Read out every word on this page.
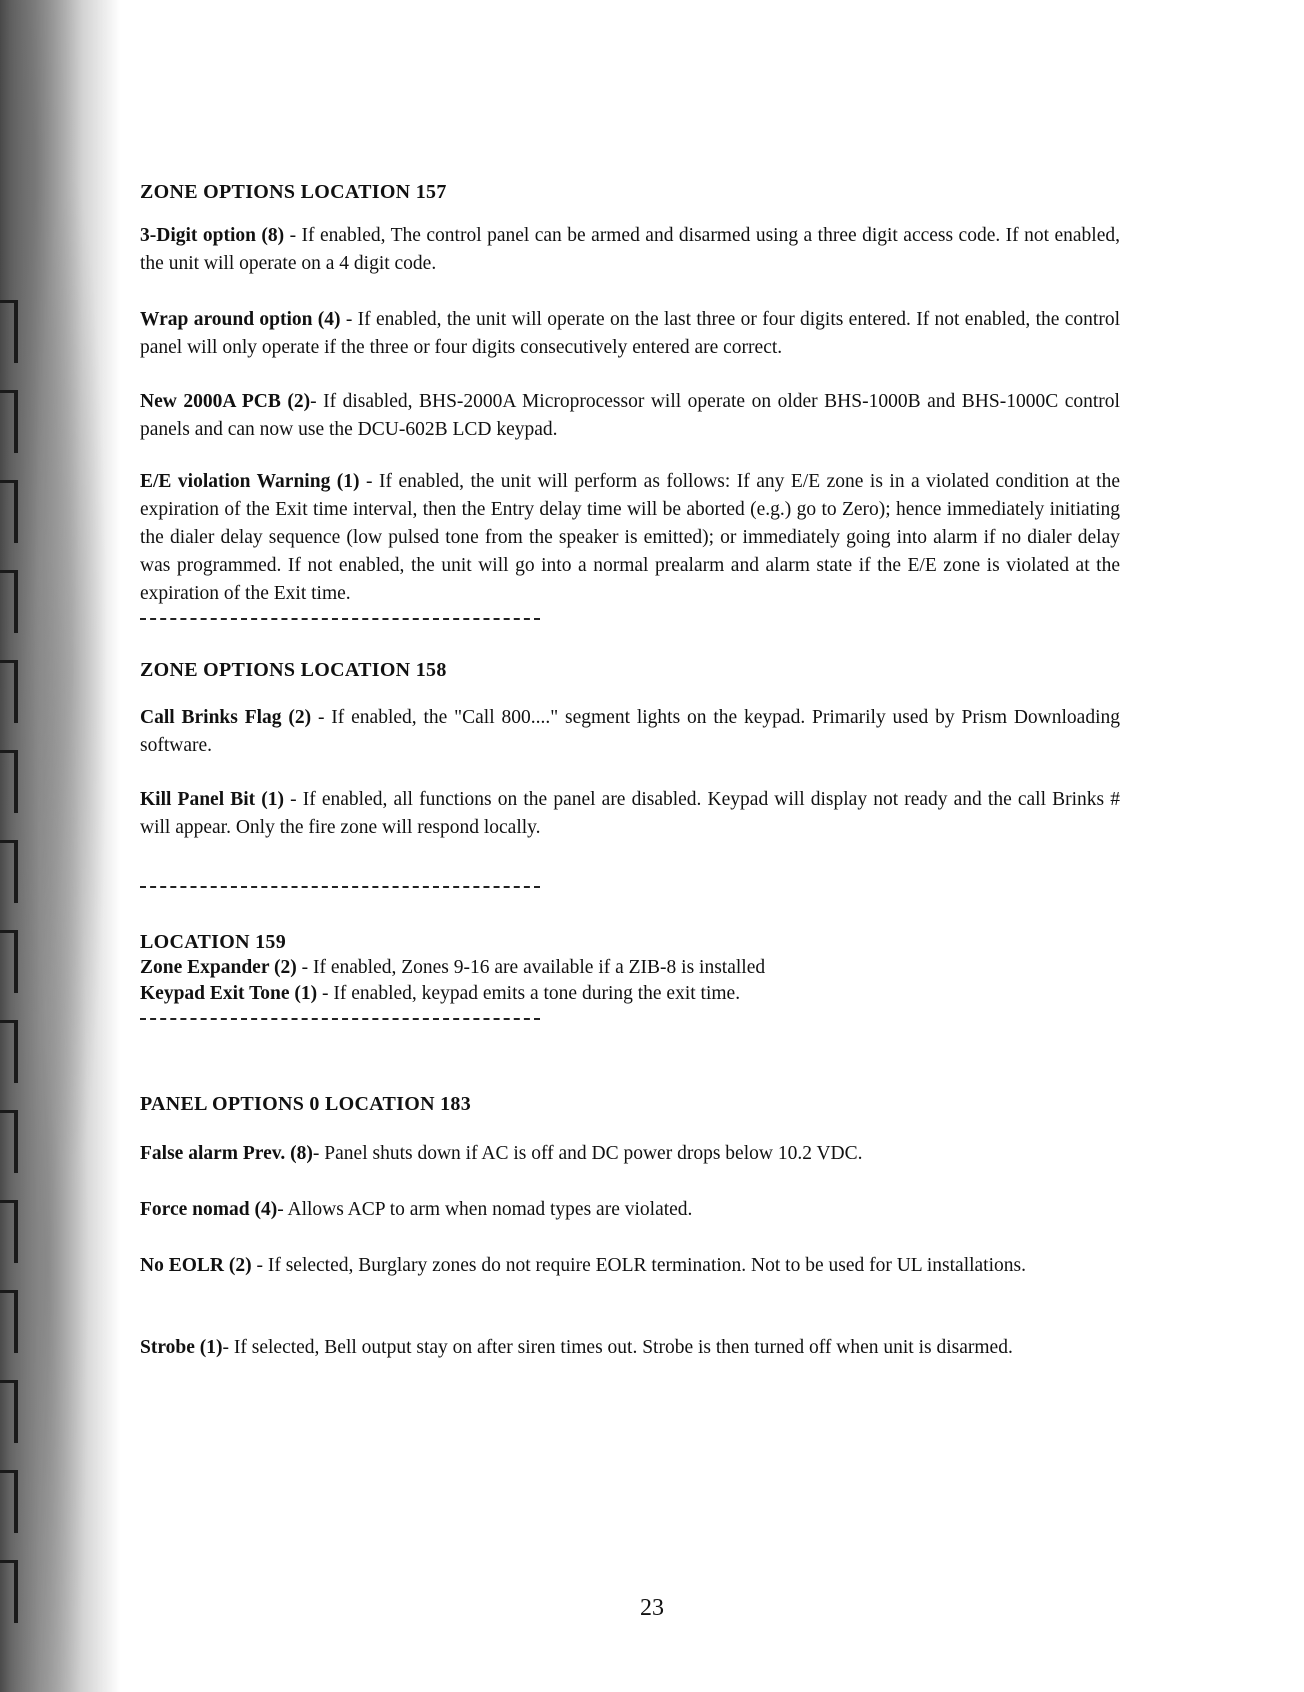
ZONE OPTIONS LOCATION 157
3-Digit option (8) - If enabled, The control panel can be armed and disarmed using a three digit access code. If not enabled, the unit will operate on a 4 digit code.
Wrap around option (4) - If enabled, the unit will operate on the last three or four digits entered. If not enabled, the control panel will only operate if the three or four digits consecutively entered are correct.
New 2000A PCB (2)- If disabled, BHS-2000A Microprocessor will operate on older BHS-1000B and BHS-1000C control panels and can now use the DCU-602B LCD keypad.
E/E violation Warning (1) - If enabled, the unit will perform as follows: If any E/E zone is in a violated condition at the expiration of the Exit time interval, then the Entry delay time will be aborted (e.g.) go to Zero); hence immediately initiating the dialer delay sequence (low pulsed tone from the speaker is emitted); or immediately going into alarm if no dialer delay was programmed. If not enabled, the unit will go into a normal prealarm and alarm state if the E/E zone is violated at the expiration of the Exit time.
ZONE OPTIONS LOCATION 158
Call Brinks Flag (2) - If enabled, the "Call 800...." segment lights on the keypad. Primarily used by Prism Downloading software.
Kill Panel Bit (1) - If enabled, all functions on the panel are disabled. Keypad will display not ready and the call Brinks # will appear. Only the fire zone will respond locally.
LOCATION 159
Zone Expander (2) - If enabled, Zones 9-16 are available if a ZIB-8 is installed
Keypad Exit Tone (1) - If enabled, keypad emits a tone during the exit time.
PANEL OPTIONS 0 LOCATION 183
False alarm Prev. (8)- Panel shuts down if AC is off and DC power drops below 10.2 VDC.
Force nomad (4)- Allows ACP to arm when nomad types are violated.
No EOLR (2) - If selected, Burglary zones do not require EOLR termination. Not to be used for UL installations.
Strobe (1)- If selected, Bell output stay on after siren times out. Strobe is then turned off when unit is disarmed.
23
